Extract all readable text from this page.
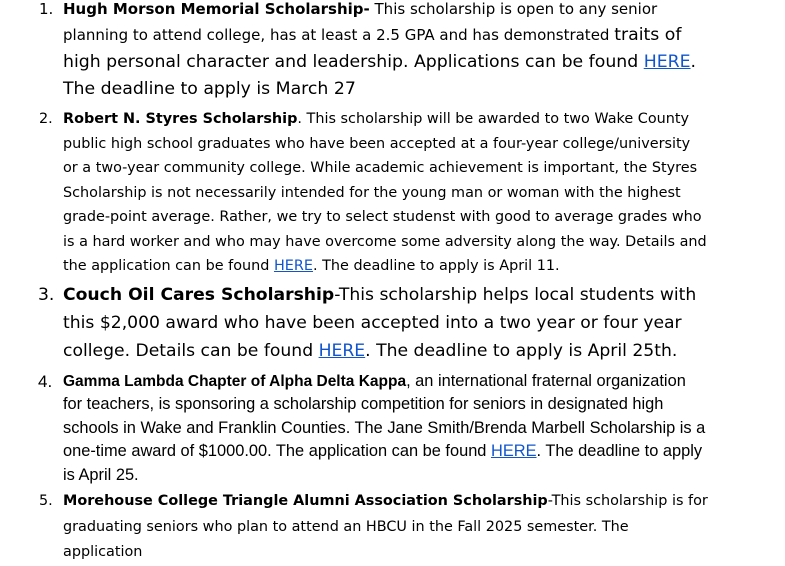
1. Hugh Morson Memorial Scholarship- This scholarship is open to any senior planning to attend college, has at least a 2.5 GPA and has demonstrated traits of high personal character and leadership. Applications can be found HERE. The deadline to apply is March 27
2. Robert N. Styres Scholarship. This scholarship will be awarded to two Wake County public high school graduates who have been accepted at a four-year college/university or a two-year community college. While academic achievement is important, the Styres Scholarship is not necessarily intended for the young man or woman with the highest grade-point average. Rather, we try to select studenst with good to average grades who is a hard worker and who may have overcome some adversity along the way. Details and the application can be found HERE. The deadline to apply is April 11.
3. Couch Oil Cares Scholarship-This scholarship helps local students with this $2,000 award who have been accepted into a two year or four year college. Details can be found HERE. The deadline to apply is April 25th.
4. Gamma Lambda Chapter of Alpha Delta Kappa, an international fraternal organization for teachers, is sponsoring a scholarship competition for seniors in designated high schools in Wake and Franklin Counties. The Jane Smith/Brenda Marbell Scholarship is a one-time award of $1000.00. The application can be found HERE. The deadline to apply is April 25.
5. Morehouse College Triangle Alumni Association Scholarship-This scholarship is for graduating seniors who plan to attend an HBCU in the Fall 2025 semester. The application
